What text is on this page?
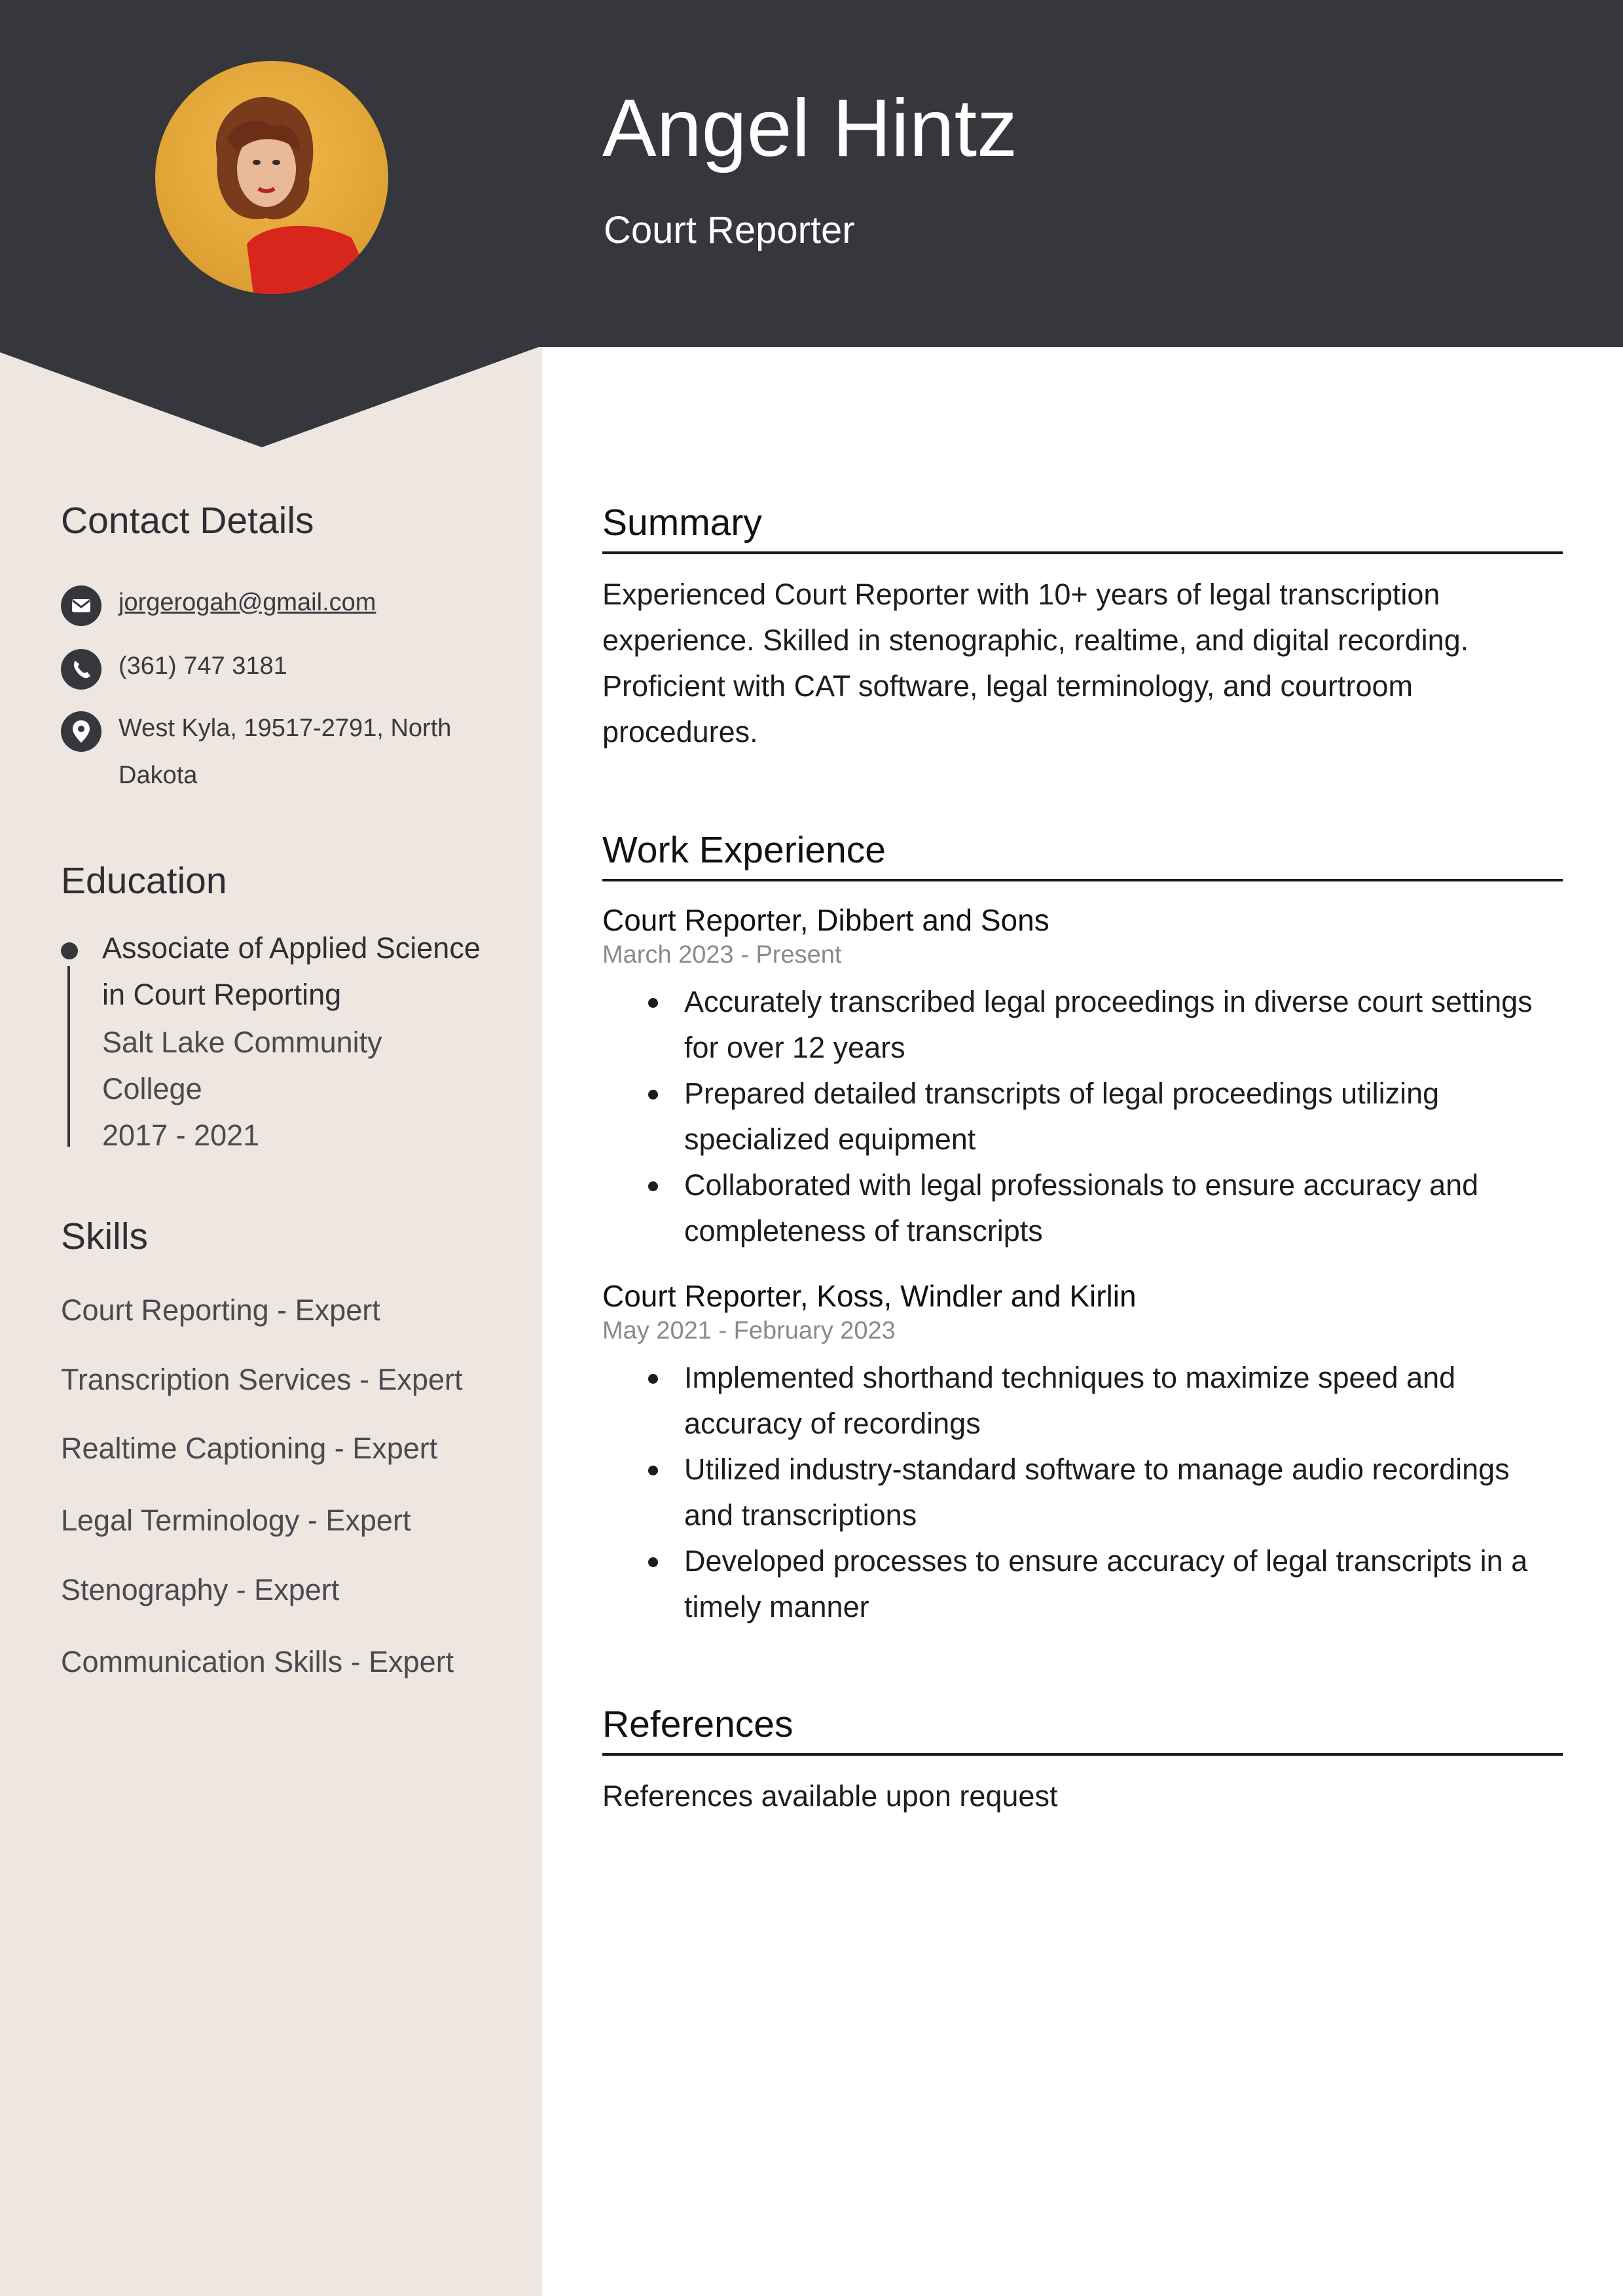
Angel Hintz
Court Reporter
Contact Details
jorgerogah@gmail.com
(361) 747 3181
West Kyla, 19517-2791, North
Dakota
Education
Associate of Applied Science
in Court Reporting
Salt Lake Community
College
2017 - 2021
Skills
Court Reporting - Expert
Transcription Services - Expert
Realtime Captioning - Expert
Legal Terminology - Expert
Stenography - Expert
Communication Skills - Expert
Summary

Experienced Court Reporter with 10+ years of legal transcription
experience. Skilled in stenographic, realtime, and digital recording.
Proficient with CAT software, legal terminology, and courtroom
procedures.

Work Experience
Court Reporter, Dibbert and Sons
March 2023 - Present
Accurately transcribed legal proceedings in diverse court settings for over 12 years
Prepared detailed transcripts of legal proceedings utilizing specialized equipment
Collaborated with legal professionals to ensure accuracy and completeness of transcripts
Court Reporter, Koss, Windler and Kirlin
May 2021 - February 2023
Implemented shorthand techniques to maximize speed and accuracy of recordings
Utilized industry-standard software to manage audio recordings and transcriptions
Developed processes to ensure accuracy of legal transcripts in a timely manner
References

References available upon request
